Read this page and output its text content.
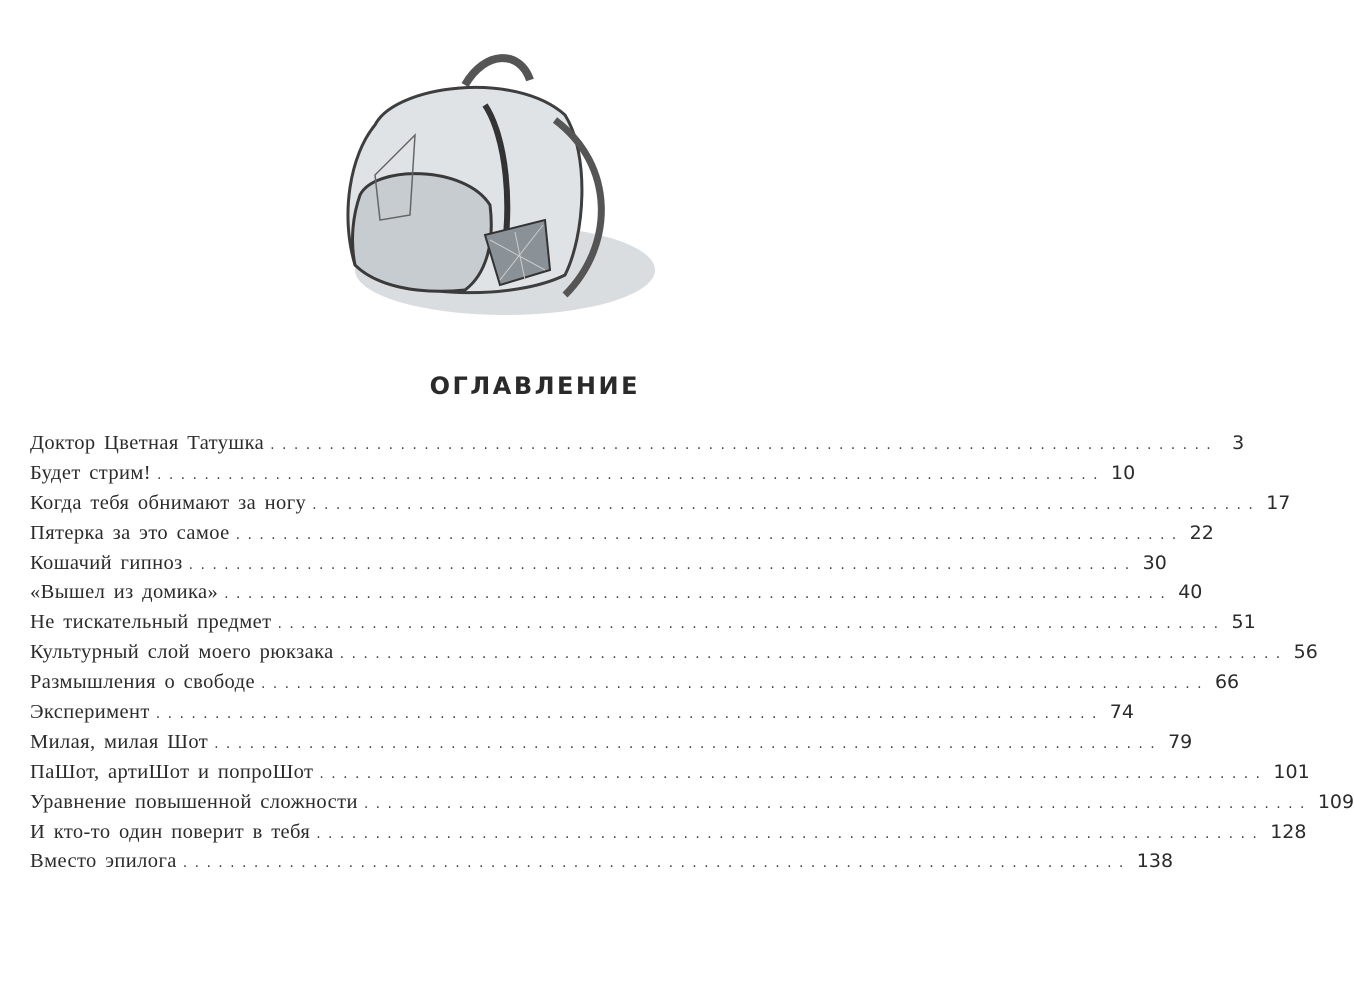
ОГЛАВЛЕНИЕ
Доктор Цветная Татушка ................................................................................ 3
Будет стрим! ................................................................................ 10
Когда тебя обнимают за ногу ................................................................................ 17
Пятерка за это самое ................................................................................ 22
Кошачий гипноз ................................................................................ 30
«Вышел из домика» ................................................................................ 40
Не тискательный предмет ................................................................................ 51
Культурный слой моего рюкзака ................................................................................ 56
Размышления о свободе ................................................................................ 66
Эксперимент ................................................................................ 74
Милая, милая Шот ................................................................................ 79
ПаШот, артиШот и попроШот ................................................................................ 101
Уравнение повышенной сложности ................................................................................ 109
И кто-то один поверит в тебя ................................................................................ 128
Вместо эпилога ................................................................................ 138
